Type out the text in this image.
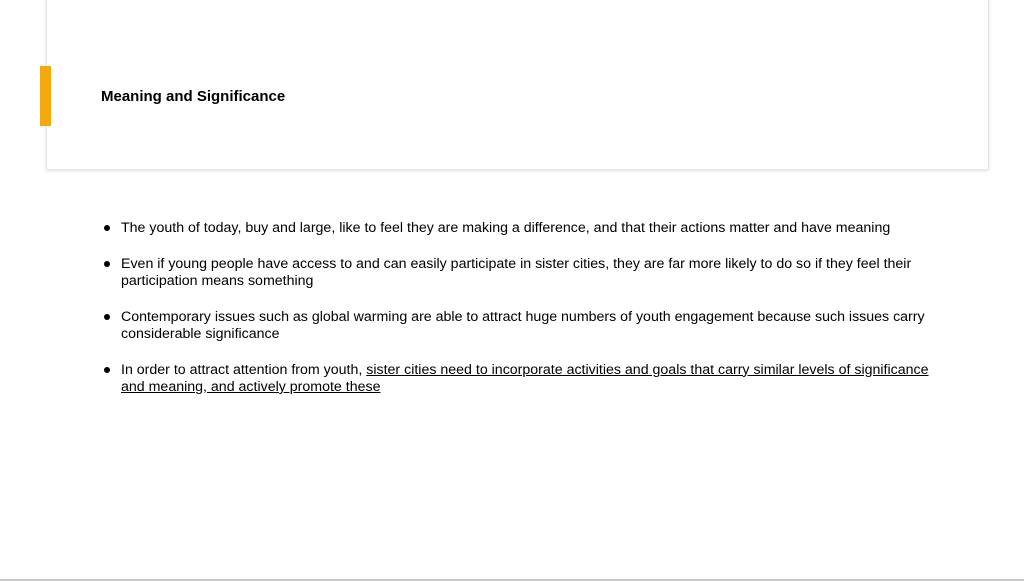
Meaning and Significance
The youth of today, buy and large, like to feel they are making a difference, and that their actions matter and have meaning
Even if young people have access to and can easily participate in sister cities, they are far more likely to do so if they feel their participation means something
Contemporary issues such as global warming are able to attract huge numbers of youth engagement because such issues carry considerable significance
In order to attract attention from youth, sister cities need to incorporate activities and goals that carry similar levels of significance and meaning, and actively promote these
